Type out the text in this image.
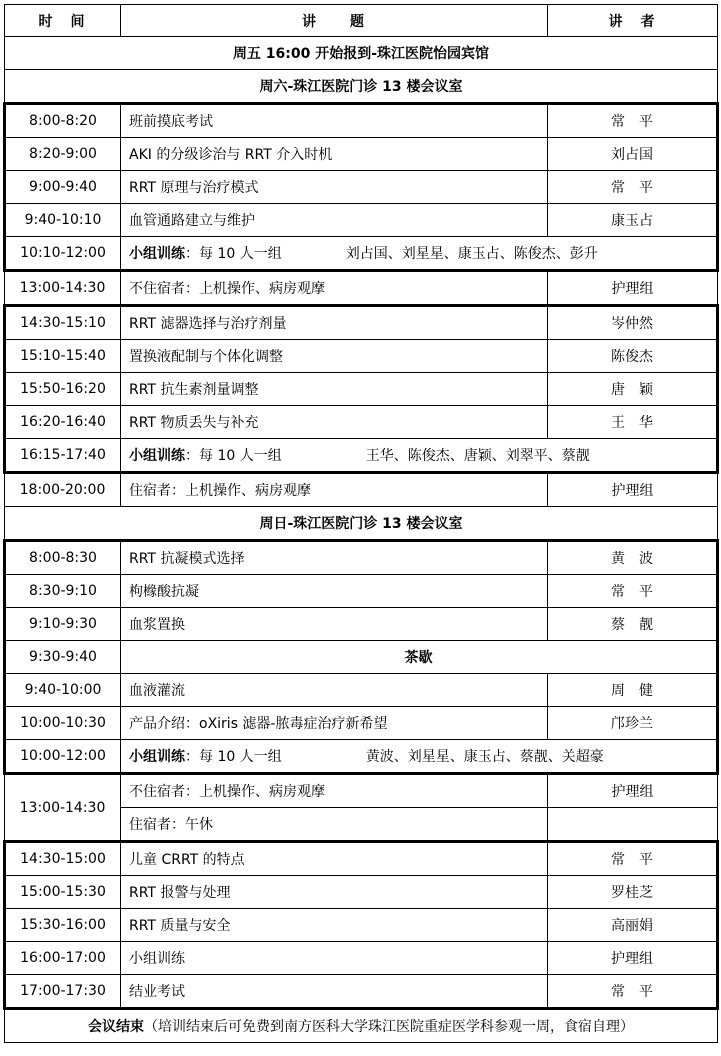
时　间	讲　　题	讲　者
周五 16:00 开始报到-珠江医院怡园宾馆		
周六-珠江医院门诊 13 楼会议室		
8:00-8:20	班前摸底考试	常　平
8:20-9:00	AKI 的分级诊治与 RRT 介入时机	刘占国
9:00-9:40	RRT 原理与治疗模式	常　平
9:40-10:10	血管通路建立与维护	康玉占
10:10-12:00	小组训练：每 10 人一组 刘占国、刘星星、康玉占、陈俊杰、彭升	
13:00-14:30	不住宿者：上机操作、病房观摩	护理组
14:30-15:10	RRT 滤器选择与治疗剂量	岑仲然
15:10-15:40	置换液配制与个体化调整	陈俊杰
15:50-16:20	RRT 抗生素剂量调整	唐　颖
16:20-16:40	RRT 物质丢失与补充	王　华
16:15-17:40	小组训练：每 10 人一组 王华、陈俊杰、唐颖、刘翠平、蔡靓	
18:00-20:00	住宿者：上机操作、病房观摩	护理组
周日-珠江医院门诊 13 楼会议室		
8:00-8:30	RRT 抗凝模式选择	黄　波
8:30-9:10	枸橼酸抗凝	常　平
9:10-9:30	血浆置换	蔡　靓
9:30-9:40	茶歇	
9:40-10:00	血液灌流	周　健
10:00-10:30	产品介绍：oXiris 滤器-脓毒症治疗新希望	邝珍兰
10:00-12:00	小组训练：每 10 人一组 黄波、刘星星、康玉占、蔡靓、关超豪	
13:00-14:30	不住宿者：上机操作、病房观摩	护理组
	住宿者：午休	
14:30-15:00	儿童 CRRT 的特点	常　平
15:00-15:30	RRT 报警与处理	罗桂芝
15:30-16:00	RRT 质量与安全	高丽娟
16:00-17:00	小组训练	护理组
17:00-17:30	结业考试	常　平
会议结束（培训结束后可免费到南方医科大学珠江医院重症医学科参观一周，食宿自理）		
